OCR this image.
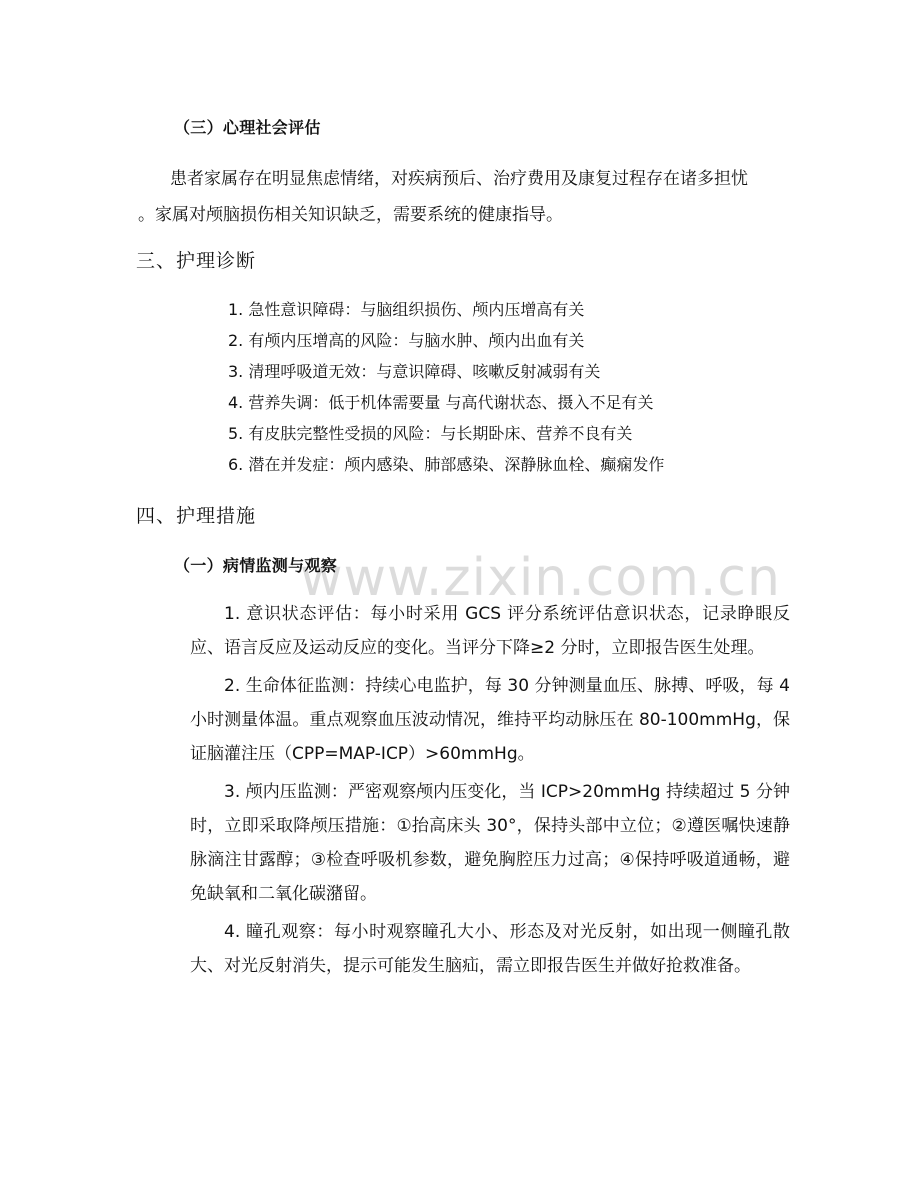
www.zixin.com.cn
（三）心理社会评估
患者家属存在明显焦虑情绪，对疾病预后、治疗费用及康复过程存在诸多担忧
。家属对颅脑损伤相关知识缺乏，需要系统的健康指导。
三、护理诊断
1. 急性意识障碍：与脑组织损伤、颅内压增高有关
2. 有颅内压增高的风险：与脑水肿、颅内出血有关
3. 清理呼吸道无效：与意识障碍、咳嗽反射减弱有关
4. 营养失调：低于机体需要量 与高代谢状态、摄入不足有关
5. 有皮肤完整性受损的风险：与长期卧床、营养不良有关
6. 潜在并发症：颅内感染、肺部感染、深静脉血栓、癫痫发作
四、护理措施
（一）病情监测与观察

1. 意识状态评估：每小时采用 GCS 评分系统评估意识状态，记录睁眼反应、语言反应及运动反应的变化。当评分下降≥2 分时，立即报告医生处理。

2. 生命体征监测：持续心电监护，每 30 分钟测量血压、脉搏、呼吸，每 4 小时测量体温。重点观察血压波动情况，维持平均动脉压在 80-100mmHg，保证脑灌注压（CPP=MAP-ICP）>60mmHg。

3. 颅内压监测：严密观察颅内压变化，当 ICP>20mmHg 持续超过 5 分钟时，立即采取降颅压措施：①抬高床头 30°，保持头部中立位；②遵医嘱快速静脉滴注甘露醇；③检查呼吸机参数，避免胸腔压力过高；④保持呼吸道通畅，避免缺氧和二氧化碳潴留。

4. 瞳孔观察：每小时观察瞳孔大小、形态及对光反射，如出现一侧瞳孔散大、对光反射消失，提示可能发生脑疝，需立即报告医生并做好抢救准备。
